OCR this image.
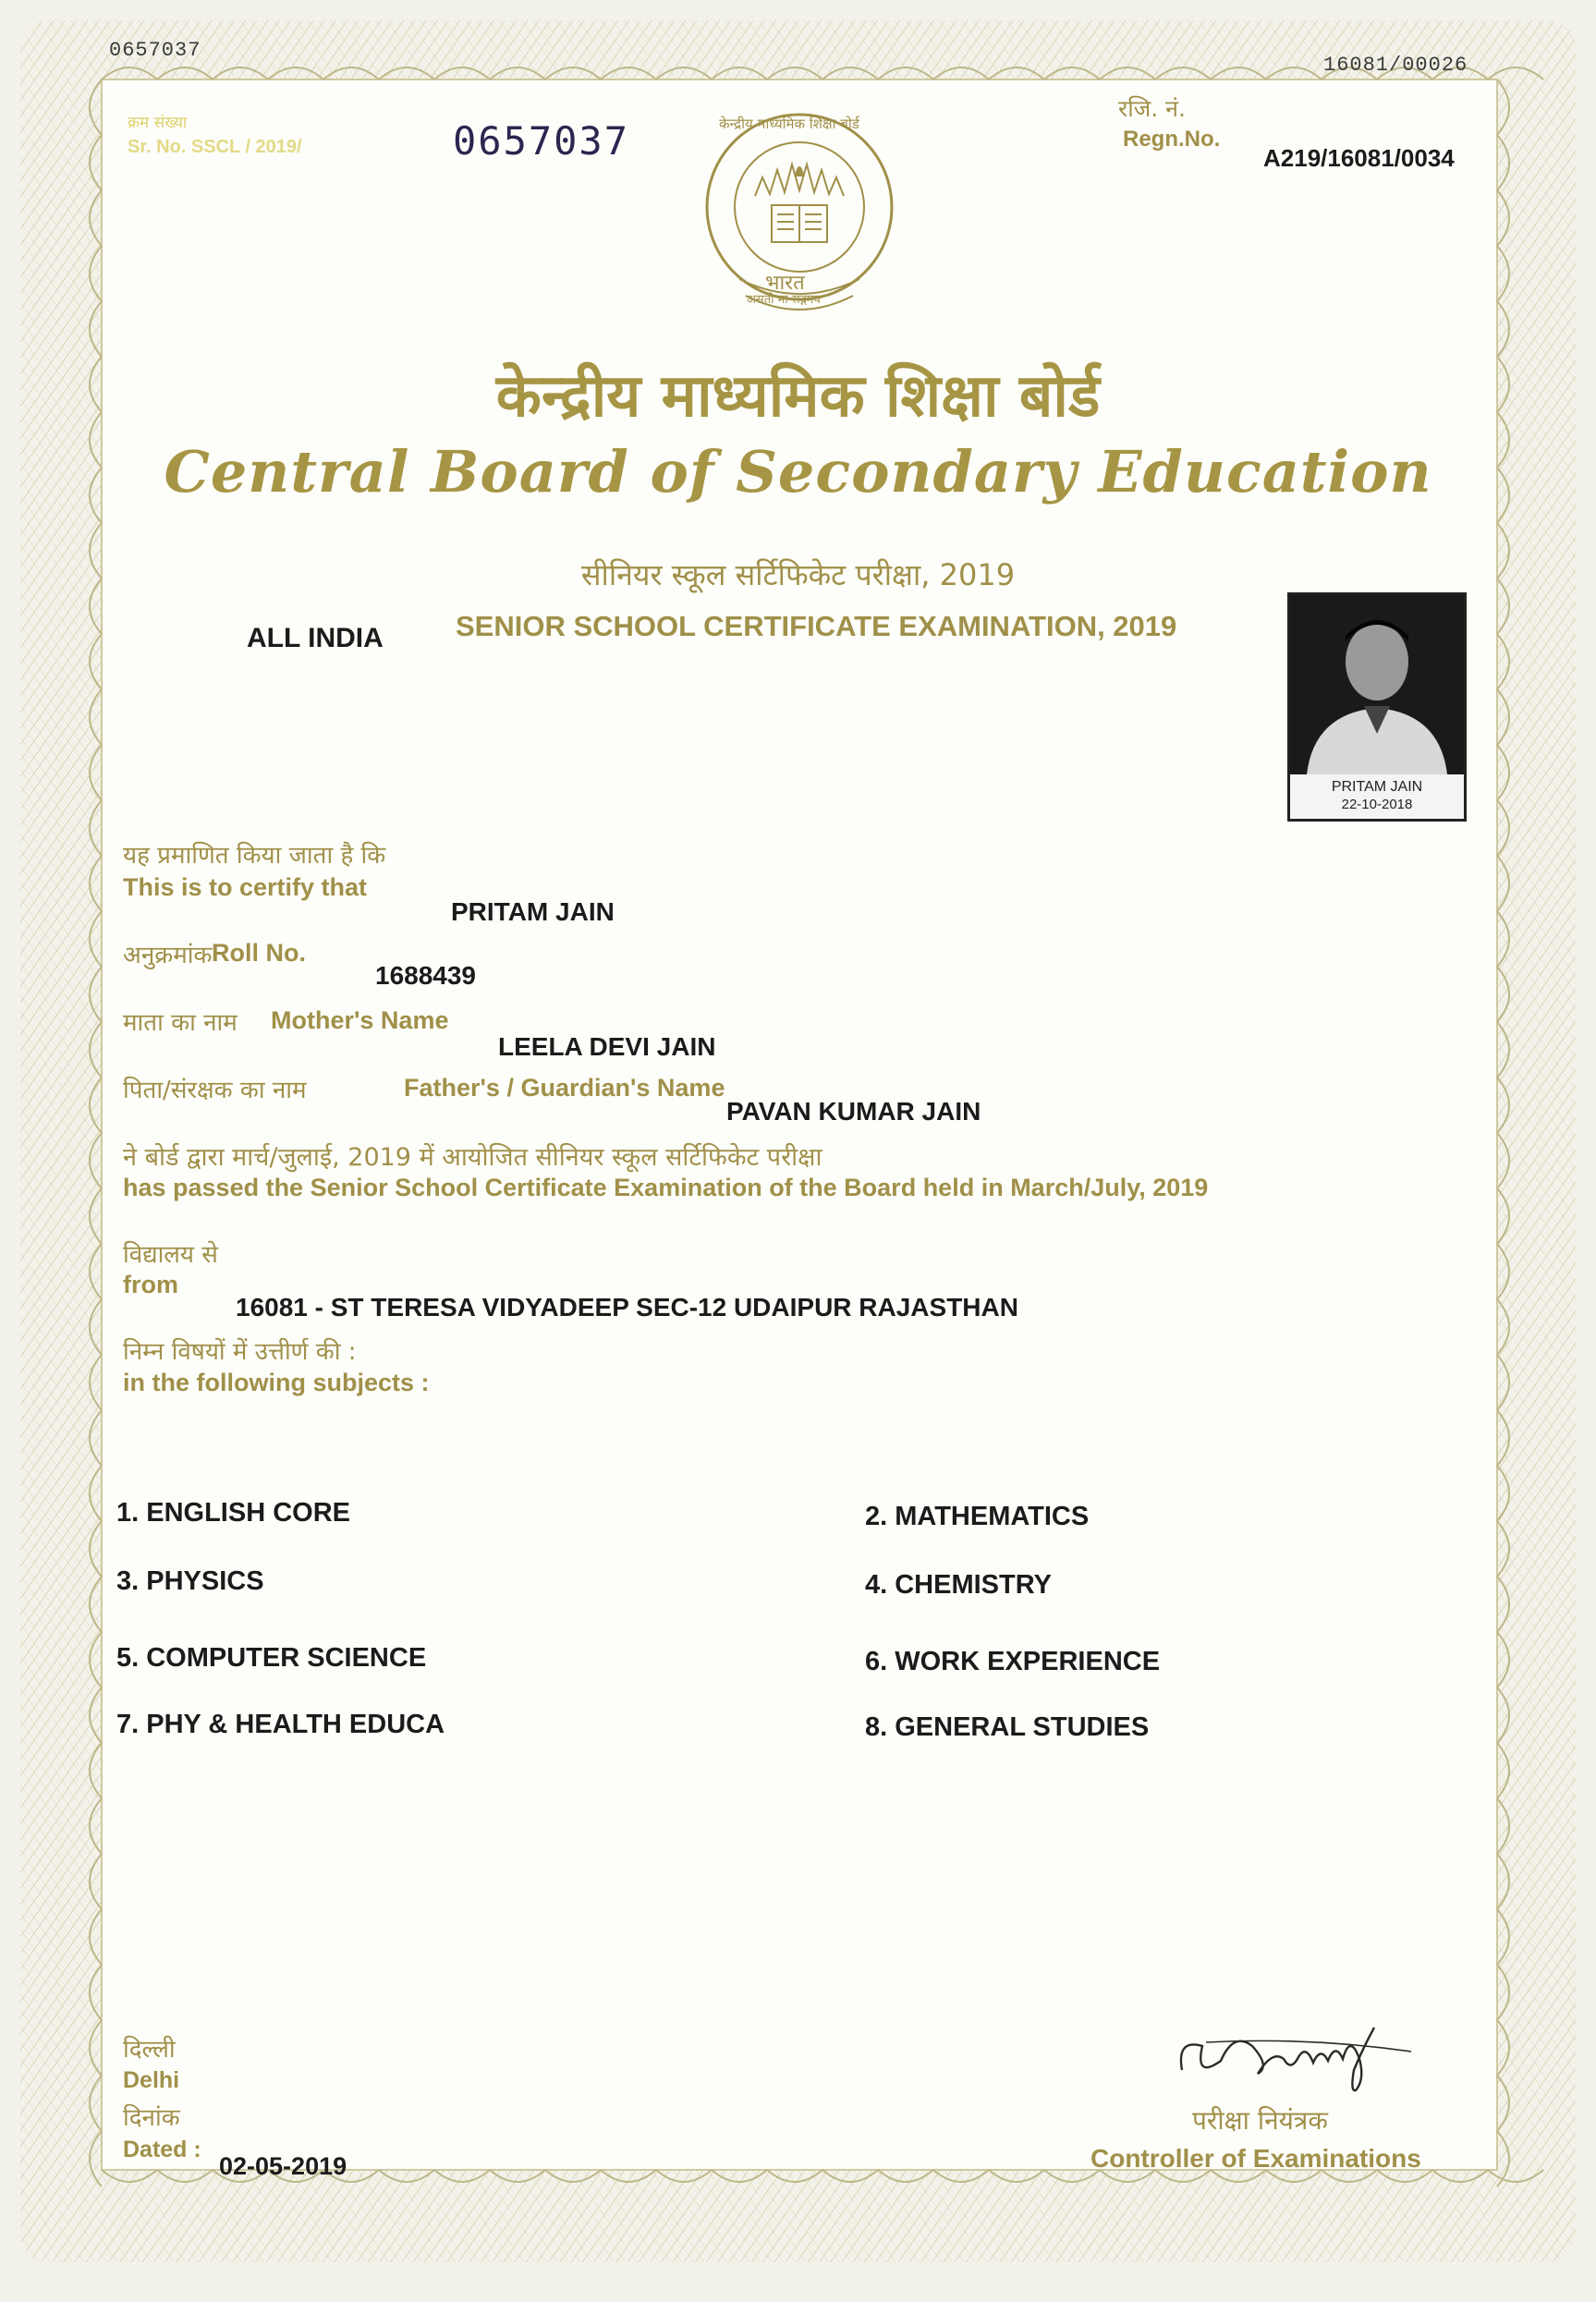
0657037
16081/00026
क्रम संख्या
Sr. No. SSCL / 2019/	0657037
भारत
असतो मा सद्गमय
केन्द्रीय माध्यमिक शिक्षा बोर्ड
रजि. नं.
Regn.No.
A219/16081/0034
केन्द्रीय माध्यमिक शिक्षा बोर्ड
Central Board of Secondary Education
सीनियर स्कूल सर्टिफिकेट परीक्षा, 2019
SENIOR SCHOOL CERTIFICATE EXAMINATION, 2019
ALL INDIA
PRITAM JAIN
22-10-2018
यह प्रमाणित किया जाता है कि
This is to certify that
PRITAM JAIN
अनुक्रमांक Roll No.
1688439
माता का नाम Mother's Name
LEELA DEVI JAIN
पिता/संरक्षक का नाम	Father's / Guardian's Name
PAVAN KUMAR JAIN
ने बोर्ड द्वारा मार्च/जुलाई, 2019 में आयोजित सीनियर स्कूल सर्टिफिकेट परीक्षा
has passed the Senior School Certificate Examination of the Board held in March/July, 2019
विद्यालय से
from
16081 - ST TERESA VIDYADEEP SEC-12 UDAIPUR RAJASTHAN
निम्न विषयों में उत्तीर्ण की :
in the following subjects :
1. ENGLISH CORE	2. MATHEMATICS
3. PHYSICS	4. CHEMISTRY
5. COMPUTER SCIENCE	6. WORK EXPERIENCE
7. PHY & HEALTH EDUCA	8. GENERAL STUDIES
दिल्ली
Delhi
दिनांक
Dated :
02-05-2019
परीक्षा नियंत्रक
Controller of Examinations
